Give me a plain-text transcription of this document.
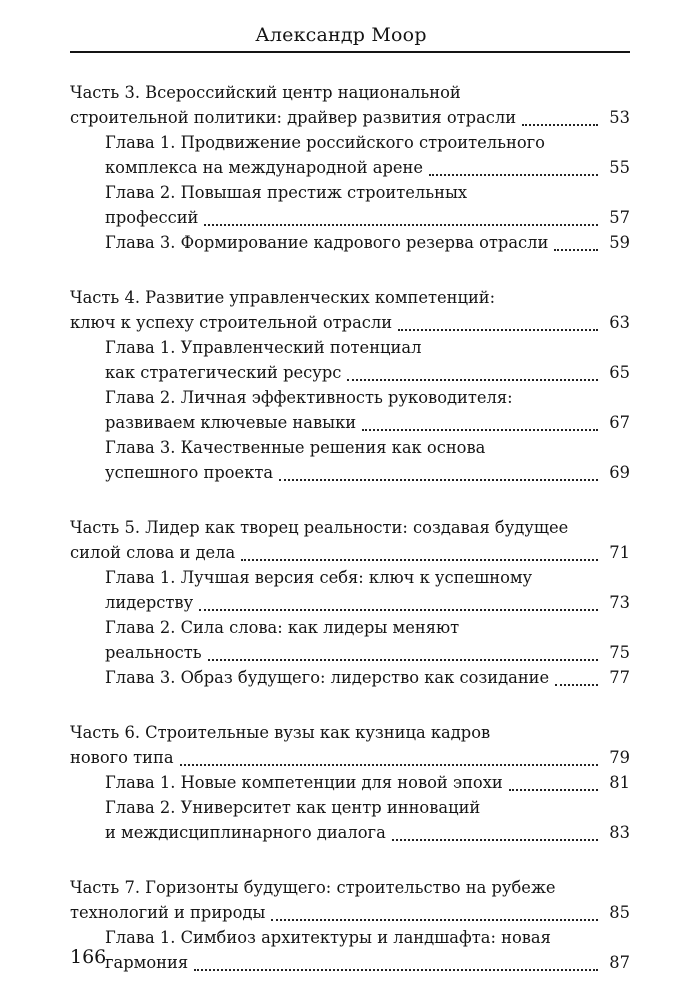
Александр Моор
Часть 3. Всероссийский центр национальной
строительной политики: драйвер развития отрасли	53
Глава 1. Продвижение российского строительного
комплекса на международной арене	55
Глава 2. Повышая престиж строительных
профессий	57
Глава 3. Формирование кадрового резерва отрасли	59
Часть 4. Развитие управленческих компетенций:
ключ к успеху строительной отрасли	63
Глава 1. Управленческий потенциал
как стратегический ресурс	65
Глава 2. Личная эффективность руководителя:
развиваем ключевые навыки	67
Глава 3. Качественные решения как основа
успешного проекта	69
Часть 5. Лидер как творец реальности: создавая будущее
силой слова и дела	71
Глава 1. Лучшая версия себя: ключ к успешному
лидерству	73
Глава 2. Сила слова: как лидеры меняют
реальность	75
Глава 3. Образ будущего: лидерство как созидание	77
Часть 6. Строительные вузы как кузница кадров
нового типа	79
Глава 1. Новые компетенции для новой эпохи	81
Глава 2. Университет как центр инноваций
и междисциплинарного диалога	83
Часть 7. Горизонты будущего: строительство на рубеже
технологий и природы	85
Глава 1. Симбиоз архитектуры и ландшафта: новая
гармония	87
166
